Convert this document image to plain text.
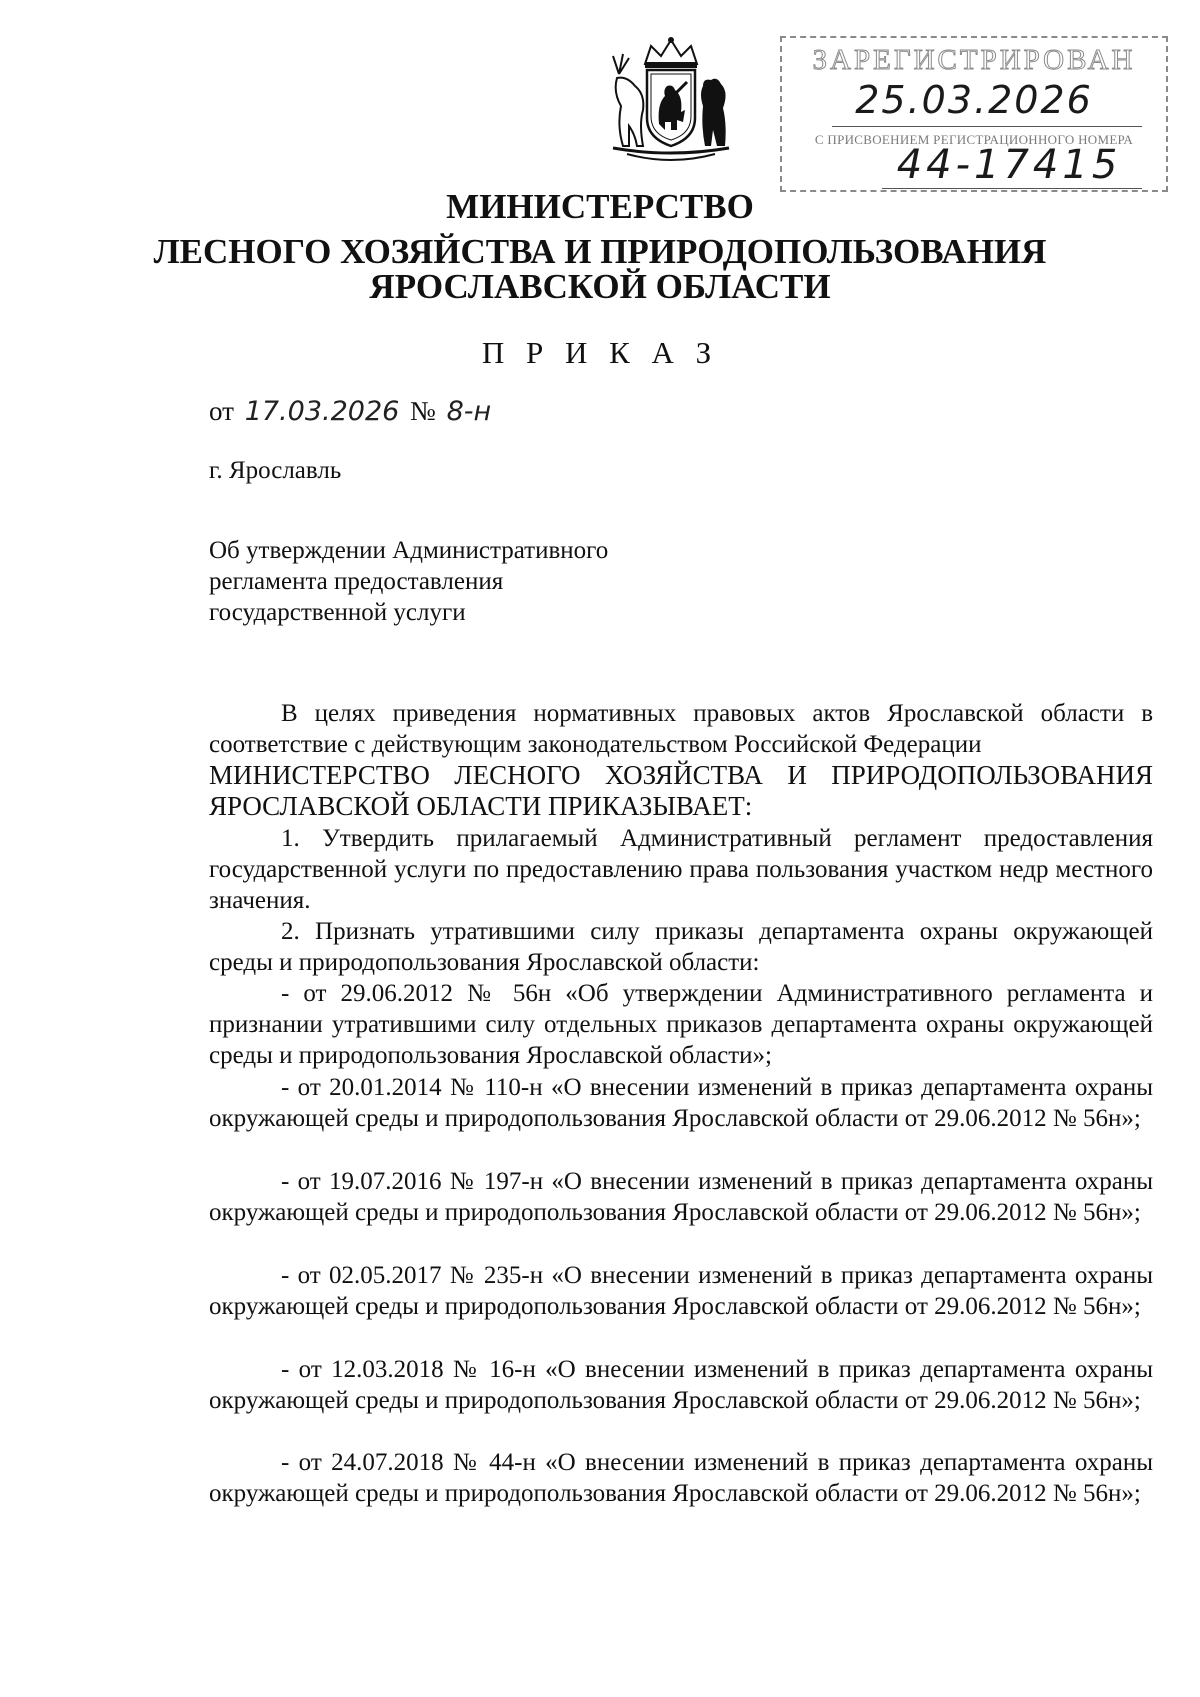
ЗАРЕГИСТРИРОВАН
25.03.2026
С ПРИСВОЕНИЕМ РЕГИСТРАЦИОННОГО НОМЕРА
44-17415
МИНИСТЕРСТВО
ЛЕСНОГО ХОЗЯЙСТВА И ПРИРОДОПОЛЬЗОВАНИЯ
ЯРОСЛАВСКОЙ ОБЛАСТИ
П Р И К А З
от 17.03.2026 № 8-н
г. Ярославль
Об утверждении Административного
регламента предоставления
государственной услуги
В целях приведения нормативных правовых актов Ярославской области в соответствие с действующим законодательством Российской Федерации
МИНИСТЕРСТВО ЛЕСНОГО ХОЗЯЙСТВА И ПРИРОДОПОЛЬЗОВАНИЯ ЯРОСЛАВСКОЙ ОБЛАСТИ ПРИКАЗЫВАЕТ:
1. Утвердить прилагаемый Административный регламент предоставления государственной услуги по предоставлению права пользования участком недр местного значения.
2. Признать утратившими силу приказы департамента охраны окружающей среды и природопользования Ярославской области:
- от 29.06.2012 № 56н «Об утверждении Административного регламента и признании утратившими силу отдельных приказов департамента охраны окружающей среды и природопользования Ярославской области»;
- от 20.01.2014 № 110-н «О внесении изменений в приказ департамента охраны окружающей среды и природопользования Ярославской области от 29.06.2012 № 56н»;
- от 19.07.2016 № 197-н «О внесении изменений в приказ департамента охраны окружающей среды и природопользования Ярославской области от 29.06.2012 № 56н»;
- от 02.05.2017 № 235-н «О внесении изменений в приказ департамента охраны окружающей среды и природопользования Ярославской области от 29.06.2012 № 56н»;
- от 12.03.2018 № 16-н «О внесении изменений в приказ департамента охраны окружающей среды и природопользования Ярославской области от 29.06.2012 № 56н»;
- от 24.07.2018 № 44-н «О внесении изменений в приказ департамента охраны окружающей среды и природопользования Ярославской области от 29.06.2012 № 56н»;
